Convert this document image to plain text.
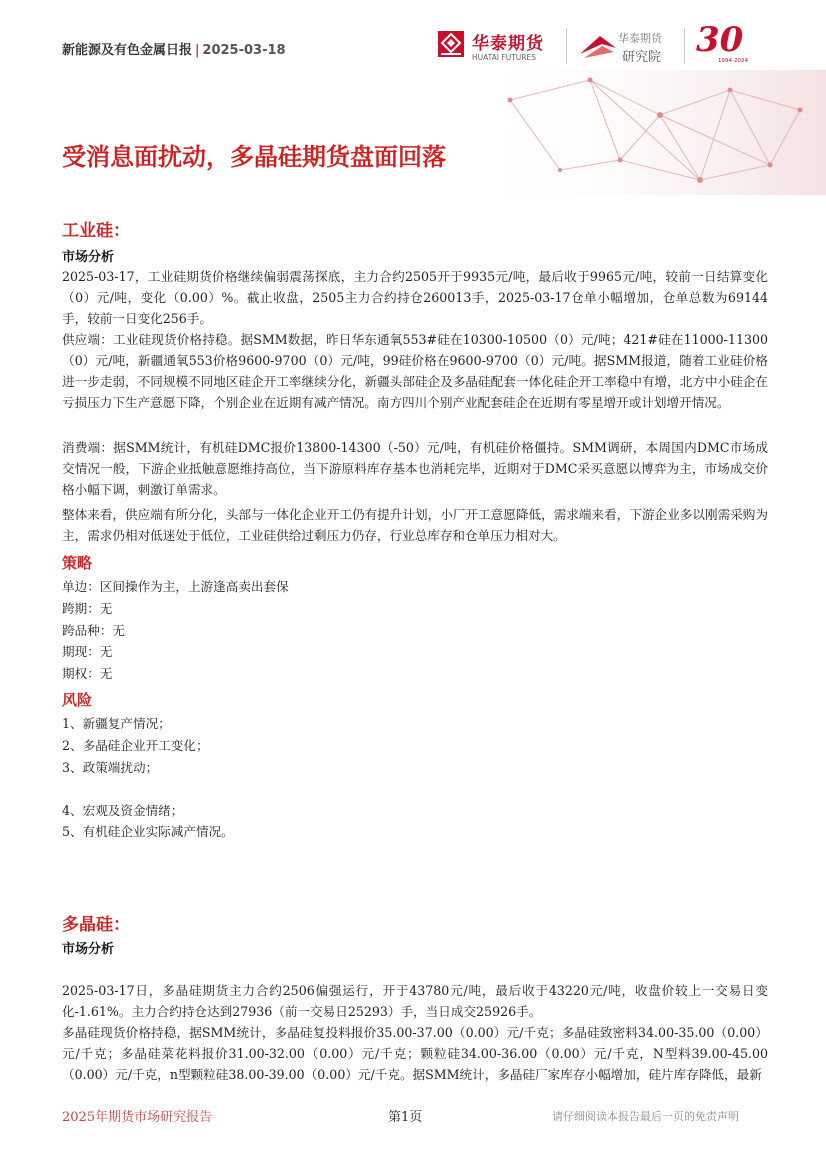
新能源及有色金属日报 | 2025-03-18	华泰期货
HUATAI FUTURES
华泰期货
研究院 30
1994-2024
受消息面扰动，多晶硅期货盘面回落
工业硅：
市场分析
2025-03-17，工业硅期货价格继续偏弱震荡探底，主力合约2505开于9935元/吨，最后收于9965元/吨，较前一日结算变化（0）元/吨，变化（0.00）%。截止收盘，2505主力合约持仓260013手，2025-03-17仓单小幅增加，仓单总数为69144手，较前一日变化256手。
供应端：工业硅现货价格持稳。据SMM数据，昨日华东通氧553#硅在10300-10500（0）元/吨；421#硅在11000-11300（0）元/吨，新疆通氧553价格9600-9700（0）元/吨，99硅价格在9600-9700（0）元/吨。据SMM报道，随着工业硅价格进一步走弱，不同规模不同地区硅企开工率继续分化，新疆头部硅企及多晶硅配套一体化硅企开工率稳中有增，北方中小硅企在亏损压力下生产意愿下降，个别企业在近期有减产情况。南方四川个别产业配套硅企在近期有零星增开或计划增开情况。
消费端：据SMM统计，有机硅DMC报价13800-14300（-50）元/吨，有机硅价格僵持。SMM调研，本周国内DMC市场成交情况一般，下游企业抵触意愿维持高位，当下游原料库存基本也消耗完毕，近期对于DMC采买意愿以博弈为主，市场成交价格小幅下调，刺激订单需求。
整体来看，供应端有所分化，头部与一体化企业开工仍有提升计划，小厂开工意愿降低，需求端来看，下游企业多以刚需采购为主，需求仍相对低迷处于低位，工业硅供给过剩压力仍存，行业总库存和仓单压力相对大。
策略
单边：区间操作为主，上游逢高卖出套保
跨期：无
跨品种：无
期现：无
期权：无
风险
1、新疆复产情况；
2、多晶硅企业开工变化；
3、政策端扰动；
4、宏观及资金情绪；
5、有机硅企业实际减产情况。
多晶硅：
市场分析
2025-03-17日，多晶硅期货主力合约2506偏强运行，开于43780元/吨，最后收于43220元/吨，收盘价较上一交易日变化-1.61%。主力合约持仓达到27936（前一交易日25293）手，当日成交25926手。
多晶硅现货价格持稳，据SMM统计，多晶硅复投料报价35.00-37.00（0.00）元/千克；多晶硅致密料34.00-35.00（0.00）元/千克；多晶硅菜花料报价31.00-32.00（0.00）元/千克；颗粒硅34.00-36.00（0.00）元/千克，N型料39.00-45.00（0.00）元/千克，n型颗粒硅38.00-39.00（0.00）元/千克。据SMM统计，多晶硅厂家库存小幅增加，硅片库存降低，最新
2025年期货市场研究报告	第1页	请仔细阅读本报告最后一页的免责声明
